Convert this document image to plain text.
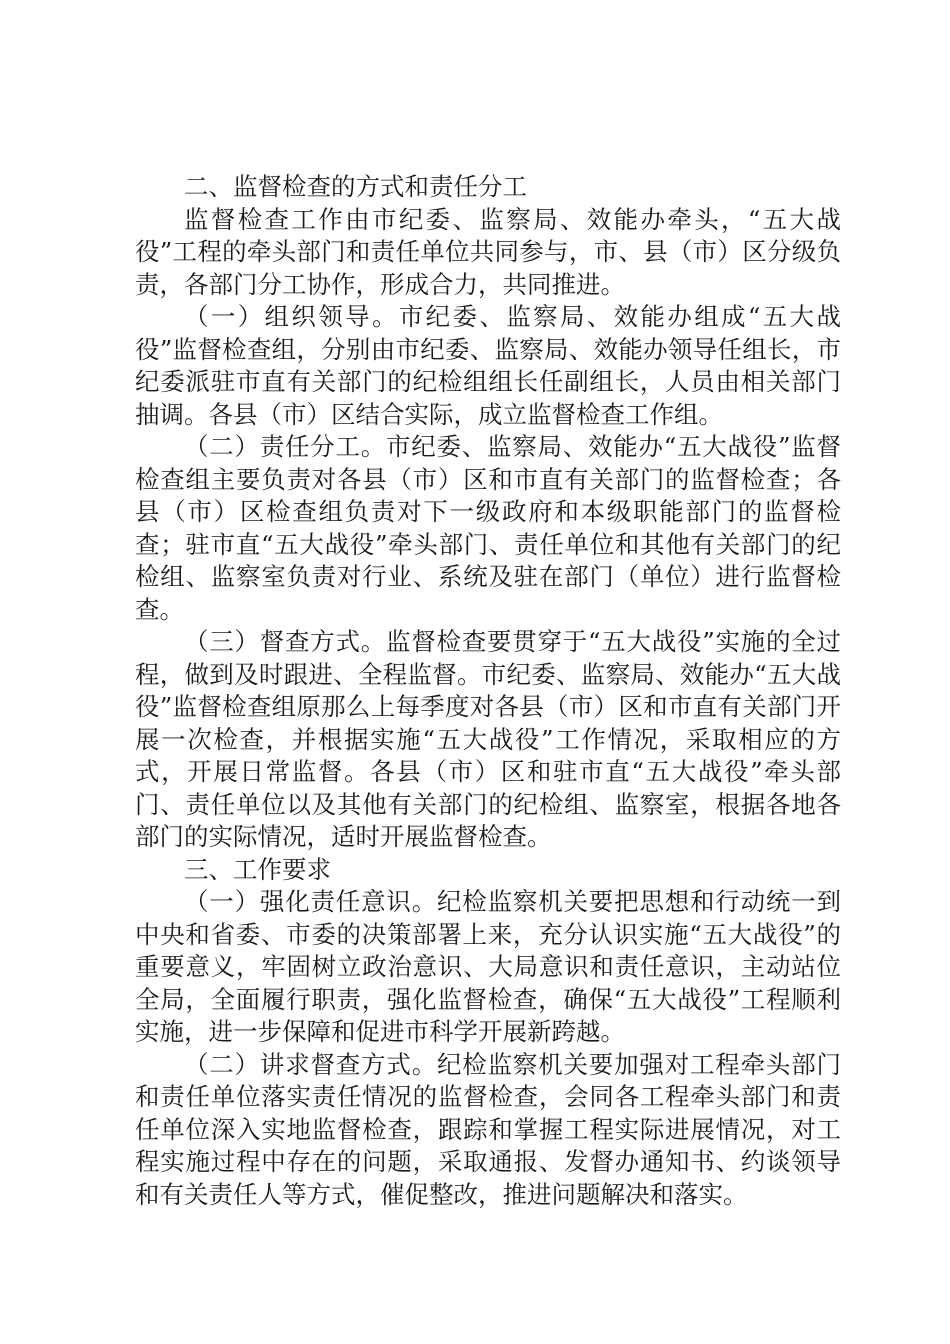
二、监督检查的方式和责任分工

监督检查工作由市纪委、监察局、效能办牵头，“五大战役”工程的牵头部门和责任单位共同参与，市、县（市）区分级负责，各部门分工协作，形成合力，共同推进。

（一）组织领导。市纪委、监察局、效能办组成“五大战役”监督检查组，分别由市纪委、监察局、效能办领导任组长，市纪委派驻市直有关部门的纪检组组长任副组长，人员由相关部门抽调。各县（市）区结合实际，成立监督检查工作组。

（二）责任分工。市纪委、监察局、效能办“五大战役”监督检查组主要负责对各县（市）区和市直有关部门的监督检查；各县（市）区检查组负责对下一级政府和本级职能部门的监督检查；驻市直“五大战役”牵头部门、责任单位和其他有关部门的纪检组、监察室负责对行业、系统及驻在部门（单位）进行监督检查。

（三）督查方式。监督检查要贯穿于“五大战役”实施的全过程，做到及时跟进、全程监督。市纪委、监察局、效能办“五大战役”监督检查组原那么上每季度对各县（市）区和市直有关部门开展一次检查，并根据实施“五大战役”工作情况，采取相应的方式，开展日常监督。各县（市）区和驻市直“五大战役”牵头部门、责任单位以及其他有关部门的纪检组、监察室，根据各地各部门的实际情况，适时开展监督检查。

三、工作要求

（一）强化责任意识。纪检监察机关要把思想和行动统一到中央和省委、市委的决策部署上来，充分认识实施“五大战役”的重要意义，牢固树立政治意识、大局意识和责任意识，主动站位全局，全面履行职责，强化监督检查，确保“五大战役”工程顺利实施，进一步保障和促进市科学开展新跨越。

（二）讲求督查方式。纪检监察机关要加强对工程牵头部门和责任单位落实责任情况的监督检查，会同各工程牵头部门和责任单位深入实地监督检查，跟踪和掌握工程实际进展情况，对工程实施过程中存在的问题，采取通报、发督办通知书、约谈领导和有关责任人等方式，催促整改，推进问题解决和落实。
